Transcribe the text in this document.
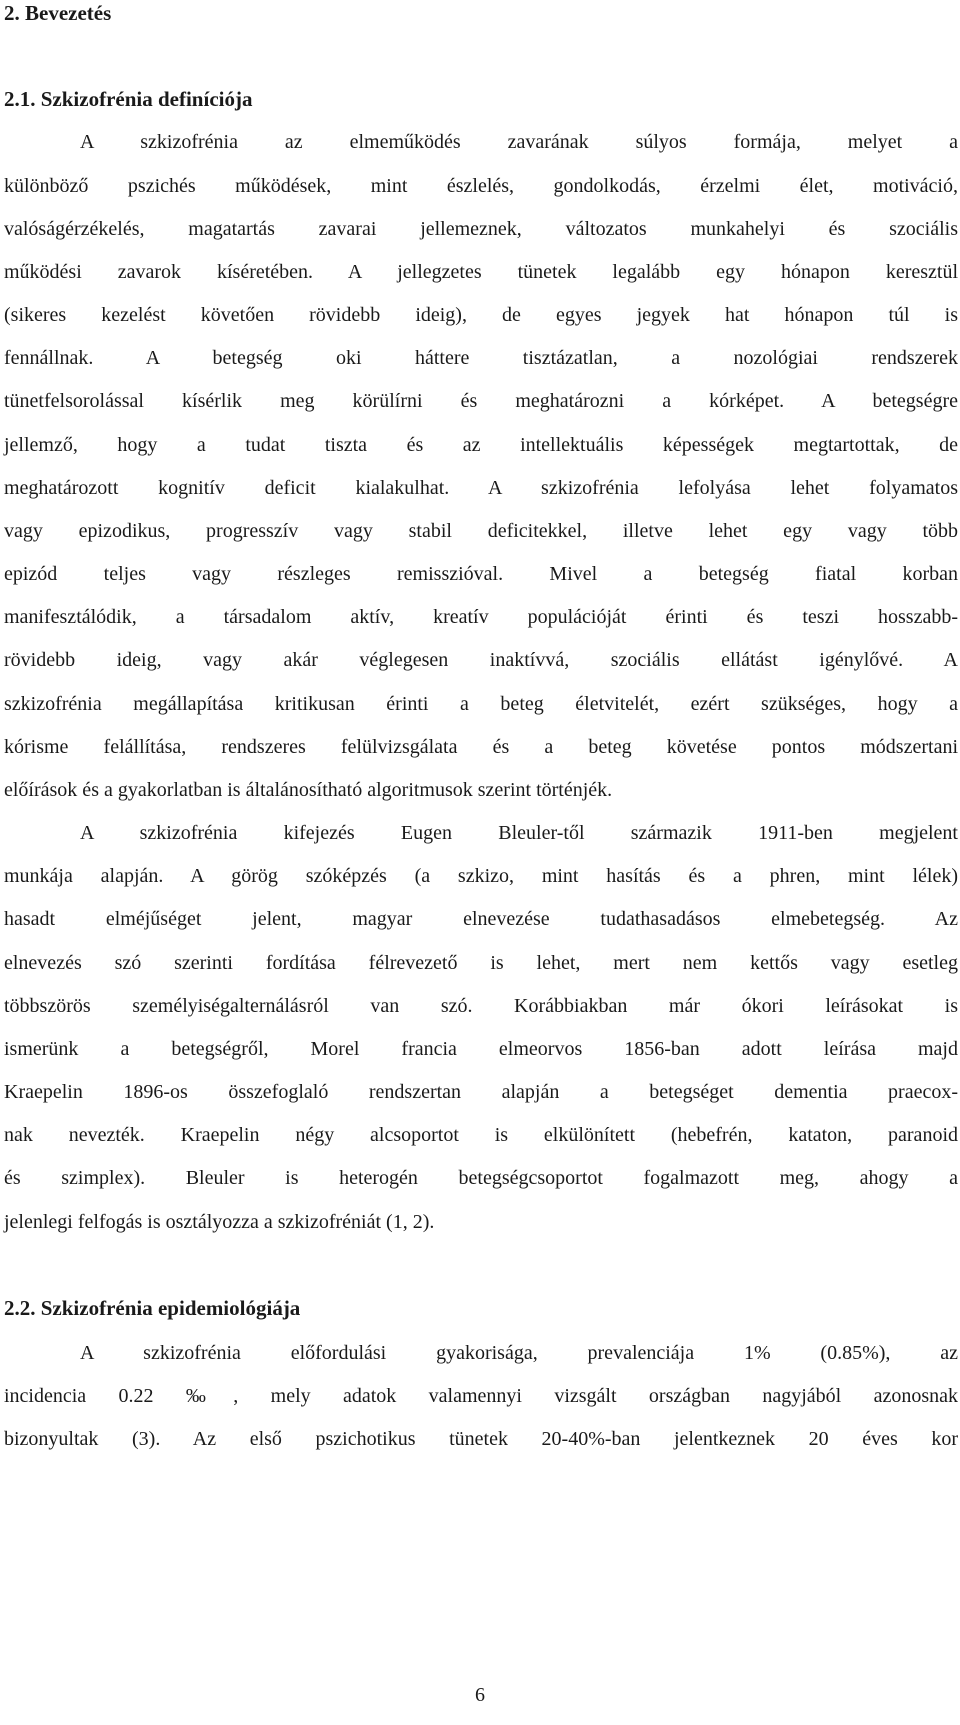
2. Bevezetés
2.1. Szkizofrénia definíciója

A szkizofrénia az elmeműködés zavarának súlyos formája, melyet a

különböző pszichés működések, mint észlelés, gondolkodás, érzelmi élet, motiváció,

valóságérzékelés, magatartás zavarai jellemeznek, változatos munkahelyi és szociális

működési zavarok kíséretében. A jellegzetes tünetek legalább egy hónapon keresztül

(sikeres kezelést követően rövidebb ideig), de egyes jegyek hat hónapon túl is

fennállnak. A betegség oki háttere tisztázatlan, a nozológiai rendszerek

tünetfelsorolással kísérlik meg körülírni és meghatározni a kórképet. A betegségre

jellemző, hogy a tudat tiszta és az intellektuális képességek megtartottak, de

meghatározott kognitív deficit kialakulhat. A szkizofrénia lefolyása lehet folyamatos

vagy epizodikus, progresszív vagy stabil deficitekkel, illetve lehet egy vagy több

epizód teljes vagy részleges remisszióval. Mivel a betegség fiatal korban

manifesztálódik, a társadalom aktív, kreatív populációját érinti és teszi hosszabb-

rövidebb ideig, vagy akár véglegesen inaktívvá, szociális ellátást igénylővé. A

szkizofrénia megállapítása kritikusan érinti a beteg életvitelét, ezért szükséges, hogy a

kórisme felállítása, rendszeres felülvizsgálata és a beteg követése pontos módszertani

előírások és a gyakorlatban is általánosítható algoritmusok szerint történjék.

A szkizofrénia kifejezés Eugen Bleuler-től származik 1911-ben megjelent

munkája alapján. A görög szóképzés (a szkizo, mint hasítás és a phren, mint lélek)

hasadt elméjűséget jelent, magyar elnevezése tudathasadásos elmebetegség. Az

elnevezés szó szerinti fordítása félrevezető is lehet, mert nem kettős vagy esetleg

többszörös személyiségalternálásról van szó. Korábbiakban már ókori leírásokat is

ismerünk a betegségről, Morel francia elmeorvos 1856-ban adott leírása majd

Kraepelin 1896-os összefoglaló rendszertan alapján a betegséget dementia praecox-

nak nevezték. Kraepelin négy alcsoportot is elkülönített (hebefrén, kataton, paranoid

és szimplex). Bleuler is heterogén betegségcsoportot fogalmazott meg, ahogy a

jelenlegi felfogás is osztályozza a szkizofréniát (1, 2).

2.2. Szkizofrénia epidemiológiája

A szkizofrénia előfordulási gyakorisága, prevalenciája 1% (0.85%), az

incidencia 0.22 ‰, mely adatok valamennyi vizsgált országban nagyjából azonosnak

bizonyultak (3). Az első pszichotikus tünetek 20-40%-ban jelentkeznek 20 éves kor

6
